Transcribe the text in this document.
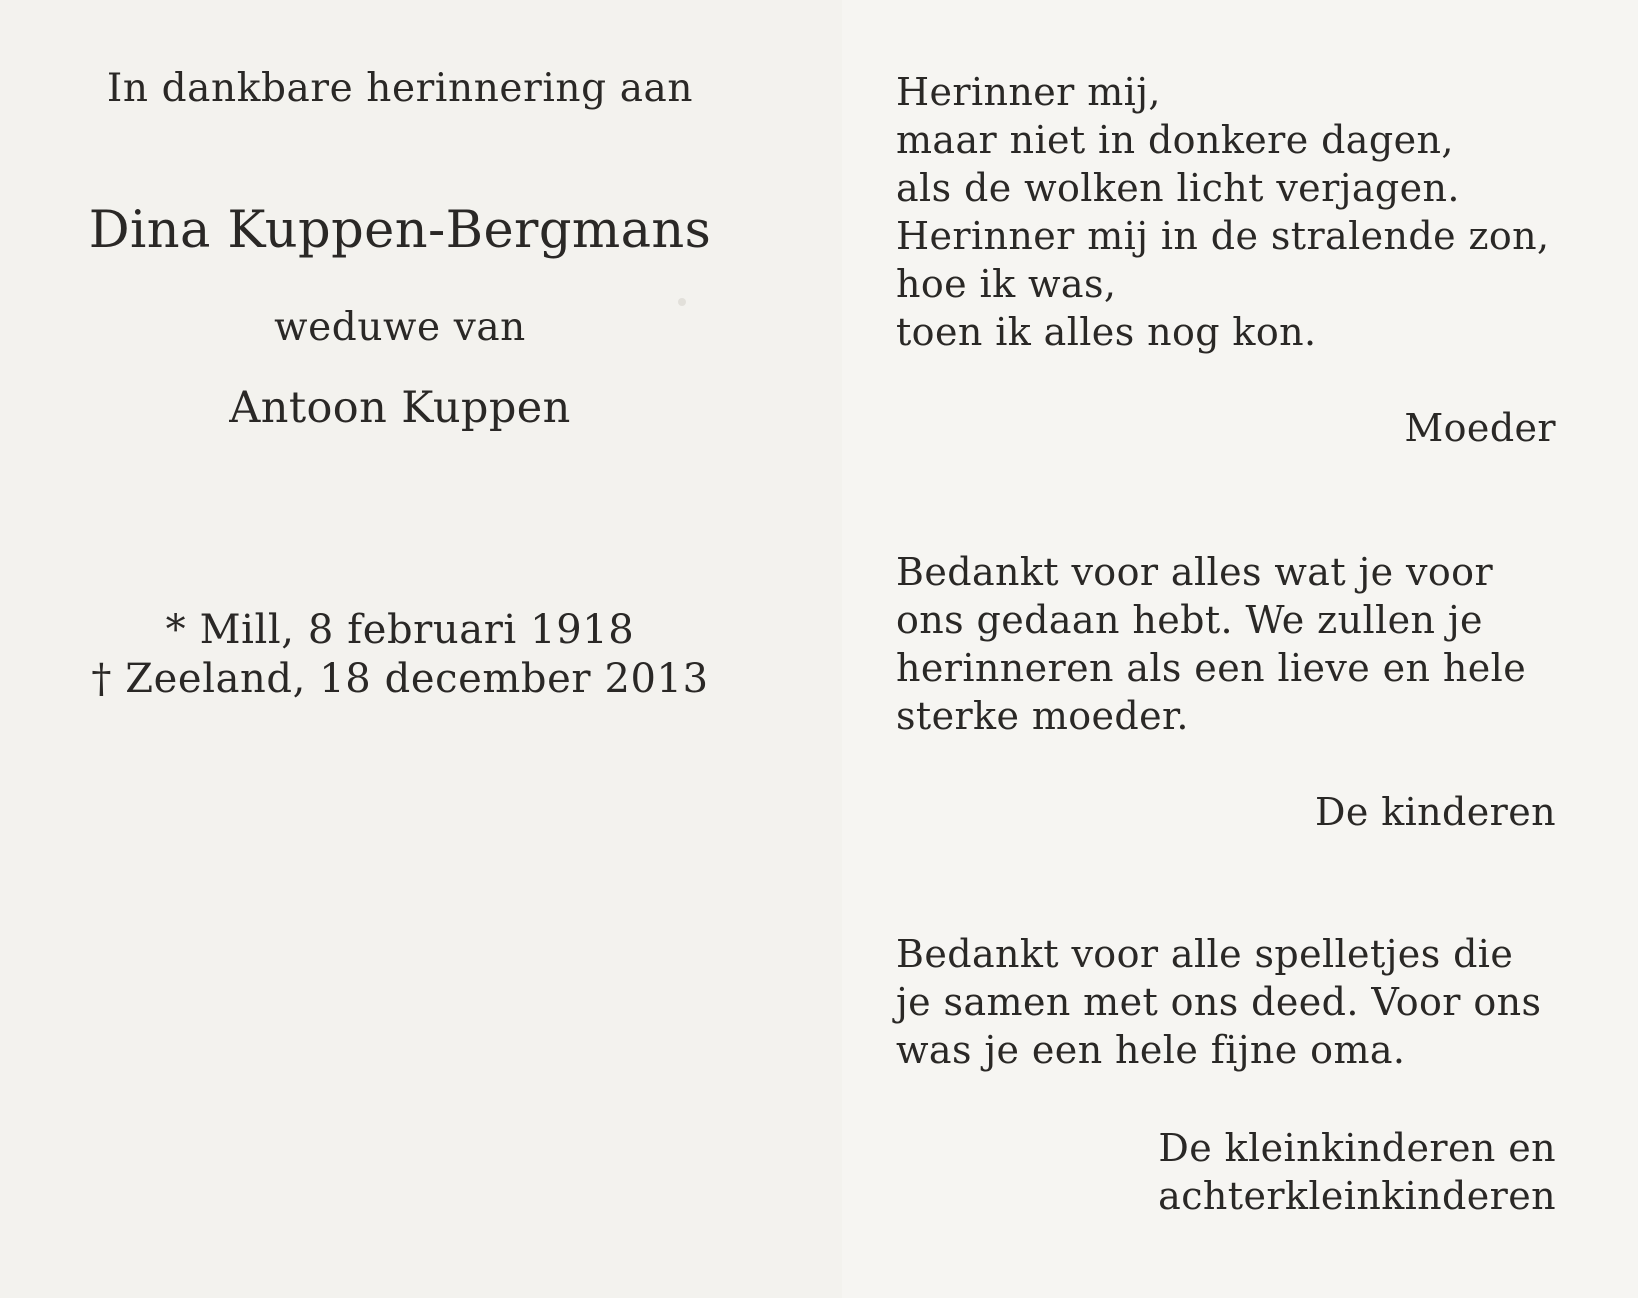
In dankbare herinnering aan
Dina Kuppen-Bergmans
weduwe van
Antoon Kuppen
* Mill, 8 februari 1918
† Zeeland, 18 december 2013
Herinner mij,
maar niet in donkere dagen,
als de wolken licht verjagen.
Herinner mij in de stralende zon,
hoe ik was,
toen ik alles nog kon.
Moeder
Bedankt voor alles wat je voor
ons gedaan hebt. We zullen je
herinneren als een lieve en hele
sterke moeder.
De kinderen
Bedankt voor alle spelletjes die
je samen met ons deed. Voor ons
was je een hele fijne oma.
De kleinkinderen en
achterkleinkinderen
